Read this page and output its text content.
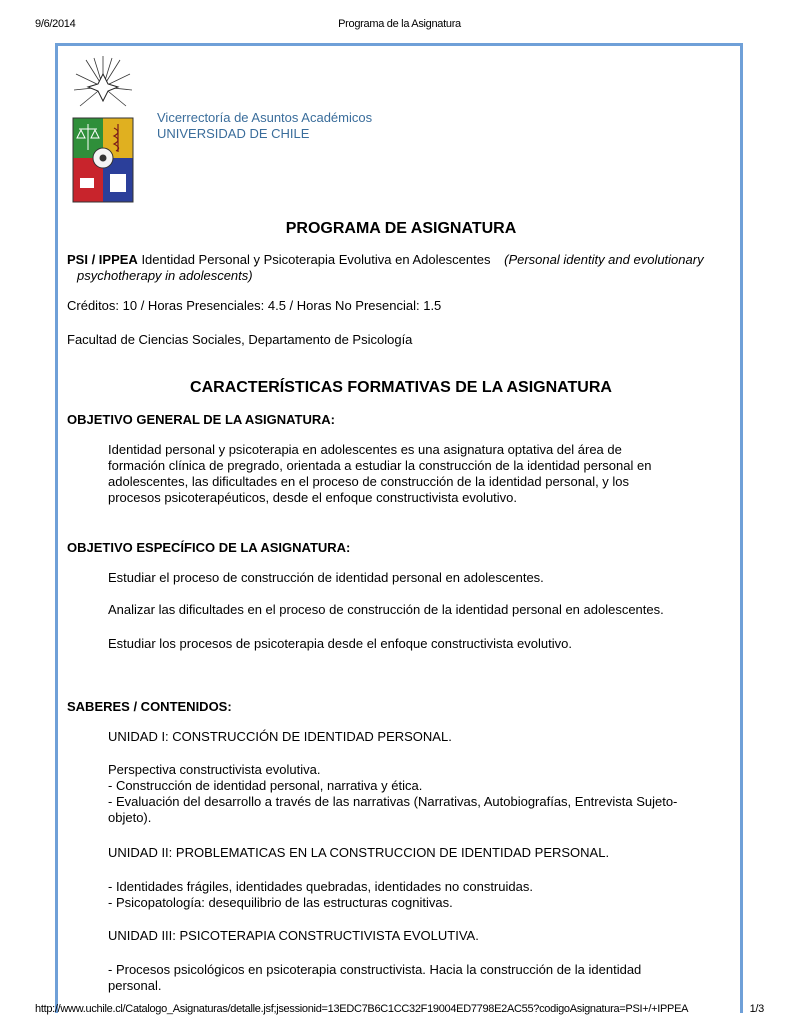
9/6/2014	Programa de la Asignatura
Vicerrectoría de Asuntos Académicos
UNIVERSIDAD DE CHILE
PROGRAMA DE ASIGNATURA
PSI / IPPEA Identidad Personal y Psicoterapia Evolutiva en Adolescentes (Personal identity and evolutionary
psychotherapy in adolescents)
Créditos: 10 / Horas Presenciales: 4.5 / Horas No Presencial: 1.5
Facultad de Ciencias Sociales, Departamento de Psicología
CARACTERÍSTICAS FORMATIVAS DE LA ASIGNATURA
OBJETIVO GENERAL DE LA ASIGNATURA:
Identidad personal y psicoterapia en adolescentes es una asignatura optativa del área de
formación clínica de pregrado, orientada a estudiar la construcción de la identidad personal en
adolescentes, las dificultades en el proceso de construcción de la identidad personal, y los
procesos psicoterapéuticos, desde el enfoque constructivista evolutivo.
OBJETIVO ESPECÍFICO DE LA ASIGNATURA:
Estudiar el proceso de construcción de identidad personal en adolescentes.
Analizar las dificultades en el proceso de construcción de la identidad personal en adolescentes.
Estudiar los procesos de psicoterapia desde el enfoque constructivista evolutivo.
SABERES / CONTENIDOS:
UNIDAD I: CONSTRUCCIÓN DE IDENTIDAD PERSONAL.
Perspectiva constructivista evolutiva.
- Construcción de identidad personal, narrativa y ética.
- Evaluación del desarrollo a través de las narrativas (Narrativas, Autobiografías, Entrevista Sujeto-
objeto).
UNIDAD II: PROBLEMATICAS EN LA CONSTRUCCION DE IDENTIDAD PERSONAL.
- Identidades frágiles, identidades quebradas, identidades no construidas.
- Psicopatología: desequilibrio de las estructuras cognitivas.
UNIDAD III: PSICOTERAPIA CONSTRUCTIVISTA EVOLUTIVA.
- Procesos psicológicos en psicoterapia constructivista. Hacia la construcción de la identidad
personal.
http://www.uchile.cl/Catalogo_Asignaturas/detalle.jsf;jsessionid=13EDC7B6C1CC32F19004ED7798E2AC55?codigoAsignatura=PSI+/+IPPEA	1/3
